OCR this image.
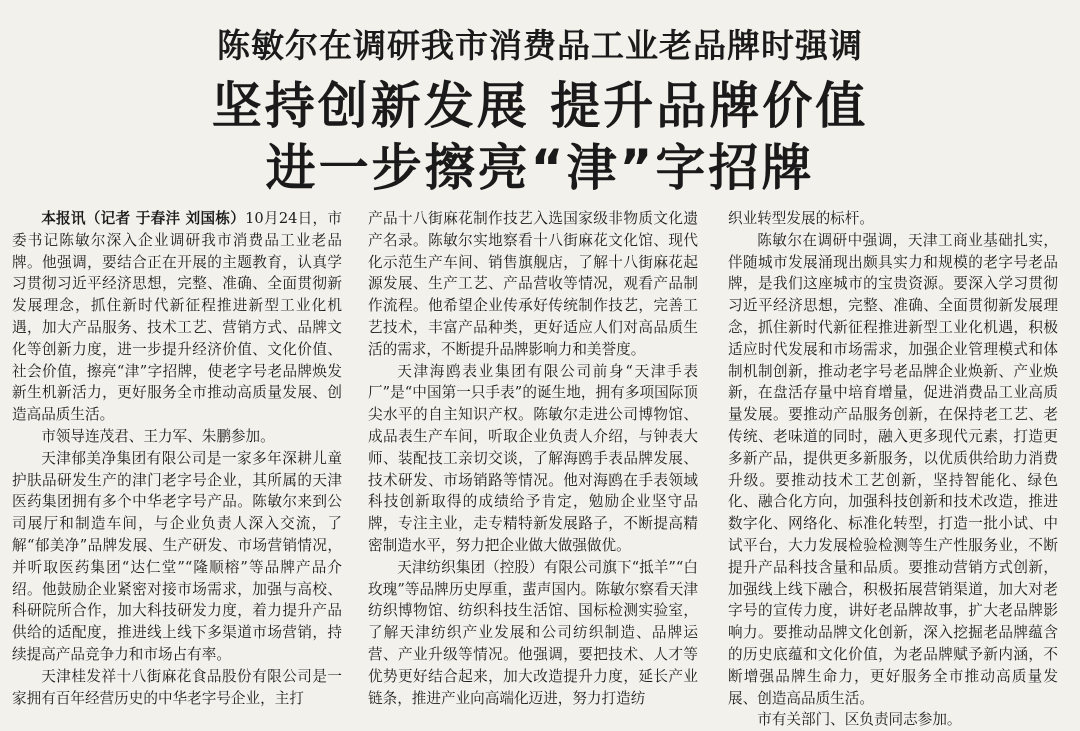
陈敏尔在调研我市消费品工业老品牌时强调
坚持创新发展 提升品牌价值
进一步擦亮“津”字招牌

本报讯（记者 于春沣 刘国栋）10月24日，市委书记陈敏尔深入企业调研我市消费品工业老品牌。他强调，要结合正在开展的主题教育，认真学习贯彻习近平经济思想，完整、准确、全面贯彻新发展理念，抓住新时代新征程推进新型工业化机遇，加大产品服务、技术工艺、营销方式、品牌文化等创新力度，进一步提升经济价值、文化价值、社会价值，擦亮“津”字招牌，使老字号老品牌焕发新生机新活力，更好服务全市推动高质量发展、创造高品质生活。

市领导连茂君、王力军、朱鹏参加。

天津郁美净集团有限公司是一家多年深耕儿童护肤品研发生产的津门老字号企业，其所属的天津医药集团拥有多个中华老字号产品。陈敏尔来到公司展厅和制造车间，与企业负责人深入交流，了解“郁美净”品牌发展、生产研发、市场营销情况，并听取医药集团“达仁堂”“隆顺榕”等品牌产品介绍。他鼓励企业紧密对接市场需求，加强与高校、科研院所合作，加大科技研发力度，着力提升产品供给的适配度，推进线上线下多渠道市场营销，持续提高产品竞争力和市场占有率。

天津桂发祥十八街麻花食品股份有限公司是一家拥有百年经营历史的中华老字号企业，主打

产品十八街麻花制作技艺入选国家级非物质文化遗产名录。陈敏尔实地察看十八街麻花文化馆、现代化示范生产车间、销售旗舰店，了解十八街麻花起源发展、生产工艺、产品营收等情况，观看产品制作流程。他希望企业传承好传统制作技艺，完善工艺技术，丰富产品种类，更好适应人们对高品质生活的需求，不断提升品牌影响力和美誉度。

天津海鸥表业集团有限公司前身“天津手表厂”是“中国第一只手表”的诞生地，拥有多项国际顶尖水平的自主知识产权。陈敏尔走进公司博物馆、成品表生产车间，听取企业负责人介绍，与钟表大师、装配技工亲切交谈，了解海鸥手表品牌发展、技术研发、市场销路等情况。他对海鸥在手表领域科技创新取得的成绩给予肯定，勉励企业坚守品牌，专注主业，走专精特新发展路子，不断提高精密制造水平，努力把企业做大做强做优。

天津纺织集团（控股）有限公司旗下“抵羊”“白玫瑰”等品牌历史厚重，蜚声国内。陈敏尔察看天津纺织博物馆、纺织科技生活馆、国标检测实验室，了解天津纺织产业发展和公司纺织制造、品牌运营、产业升级等情况。他强调，要把技术、人才等优势更好结合起来，加大改造提升力度，延长产业链条，推进产业向高端化迈进，努力打造纺

织业转型发展的标杆。

陈敏尔在调研中强调，天津工商业基础扎实，伴随城市发展涌现出颇具实力和规模的老字号老品牌，是我们这座城市的宝贵资源。要深入学习贯彻习近平经济思想，完整、准确、全面贯彻新发展理念，抓住新时代新征程推进新型工业化机遇，积极适应时代发展和市场需求，加强企业管理模式和体制机制创新，推动老字号老品牌企业焕新、产业焕新，在盘活存量中培育增量，促进消费品工业高质量发展。要推动产品服务创新，在保持老工艺、老传统、老味道的同时，融入更多现代元素，打造更多新产品，提供更多新服务，以优质供给助力消费升级。要推动技术工艺创新，坚持智能化、绿色化、融合化方向，加强科技创新和技术改造，推进数字化、网络化、标准化转型，打造一批小试、中试平台，大力发展检验检测等生产性服务业，不断提升产品科技含量和品质。要推动营销方式创新，加强线上线下融合，积极拓展营销渠道，加大对老字号的宣传力度，讲好老品牌故事，扩大老品牌影响力。要推动品牌文化创新，深入挖掘老品牌蕴含的历史底蕴和文化价值，为老品牌赋予新内涵，不断增强品牌生命力，更好服务全市推动高质量发展、创造高品质生活。

市有关部门、区负责同志参加。
